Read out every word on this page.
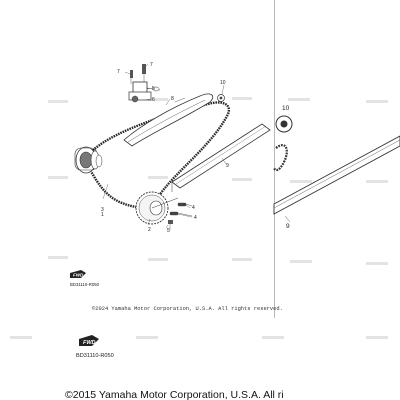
1
2
3	4
4
5
5
6
7
7
8
9
10
10
9
FWD
BD31110-R050
©2024 Yamaha Motor Corporation, U.S.A. All rights reserved.
FWD
BD31110-R050
©2015 Yamaha Motor Corporation, U.S.A. All ri
